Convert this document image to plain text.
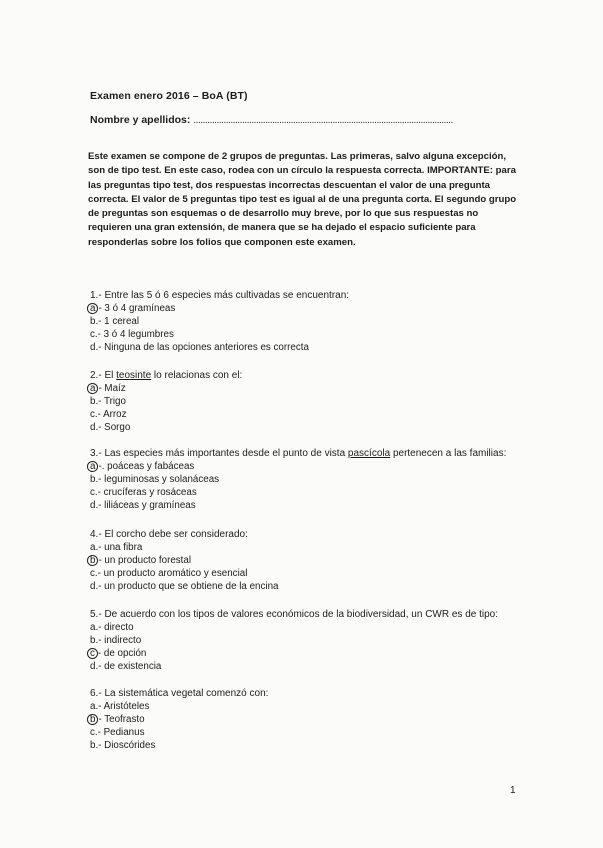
Examen enero 2016 – BoA (BT)
Nombre y apellidos: ................................................................................................................

Este examen se compone de 2 grupos de preguntas. Las primeras, salvo alguna excepción, son de tipo test. En este caso, rodea con un círculo la respuesta correcta. IMPORTANTE: para las preguntas tipo test, dos respuestas incorrectas descuentan el valor de una pregunta correcta. El valor de 5 preguntas tipo test es igual al de una pregunta corta. El segundo grupo de preguntas son esquemas o de desarrollo muy breve, por lo que sus respuestas no requieren una gran extensión, de manera que se ha dejado el espacio suficiente para responderlas sobre los folios que componen este examen.

1.- Entre las 5 ó 6 especies más cultivadas se encuentran:
a - 3 ó 4 gramíneas
b.- 1 cereal
c.- 3 ó 4 legumbres
d.- Ninguna de las opciones anteriores es correcta
2.- El teosinte lo relacionas con el:
a - Maíz
b.- Trigo
c.- Arroz
d.- Sorgo
3.- Las especies más importantes desde el punto de vista pascícola pertenecen a las familias:
a -. poáceas y fabáceas
b.- leguminosas y solanáceas
c.- crucíferas y rosáceas
d.- liliáceas y gramíneas
4.- El corcho debe ser considerado:
a.- una fibra
b - un producto forestal
c.- un producto aromático y esencial
d.- un producto que se obtiene de la encina
5.- De acuerdo con los tipos de valores económicos de la biodiversidad, un CWR es de tipo:
a.- directo
b.- indirecto
c - de opción
d.- de existencia
6.- La sistemática vegetal comenzó con:
a.- Aristóteles
b - Teofrasto
c.- Pedianus
b.- Dioscórides
1
